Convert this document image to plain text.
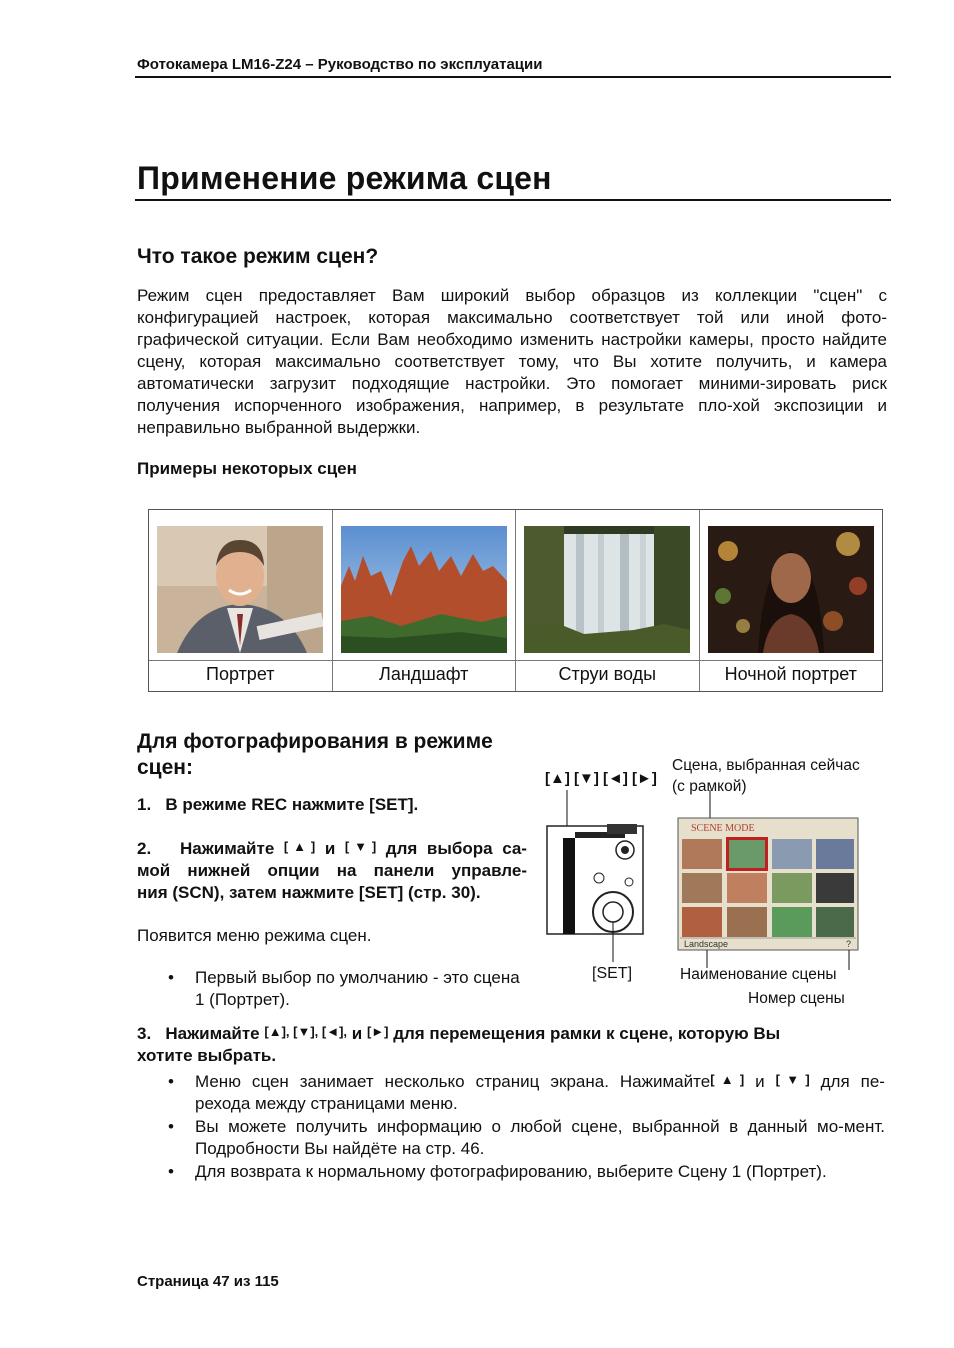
Фотокамера LM16-Z24 – Руководство по эксплуатации
Применение режима сцен
Что такое режим сцен?
Режим сцен предоставляет Вам широкий выбор образцов из коллекции "сцен" с конфигурацией настроек, которая максимально соответствует той или иной фото-графической ситуации. Если Вам необходимо изменить настройки камеры, просто найдите сцену, которая максимально соответствует тому, что Вы хотите получить, и камера автоматически загрузит подходящие настройки. Это помогает миними-зировать риск получения испорченного изображения, например, в результате пло-хой экспозиции и неправильно выбранной выдержки.
Примеры некоторых сцен
Портрет	Ландшафт	Струи воды	Ночной портрет
Для фотографирования в режиме сцен:
1. В режиме REC нажмите [SET].
2. Нажимайте [▲] и [▼] для выбора са-
мой нижней опции на панели управле-
ния (SCN), затем нажмите [SET] (стр. 30).
Появится меню режима сцен.
• Первый выбор по умолчанию - это сцена 1 (Портрет).
[▲] [▼] [◄] [►]
Сцена, выбранная сейчас
(с рамкой)
SCENE MODE
Landscape	?
[SET]	Наименование сцены
Номер сцены
3. Нажимайте [▲], [▼], [◄], и [►] для перемещения рамки к сцене, которую Вы
хотите выбрать.
• Меню сцен занимает несколько страниц экрана. Нажимайте[▲] и [▼] для пе-
рехода между страницами меню.
• Вы можете получить информацию о любой сцене, выбранной в данный мо-мент. Подробности Вы найдёте на стр. 46.
• Для возврата к нормальному фотографированию, выберите Сцену 1 (Портрет).
Страница 47 из 115
